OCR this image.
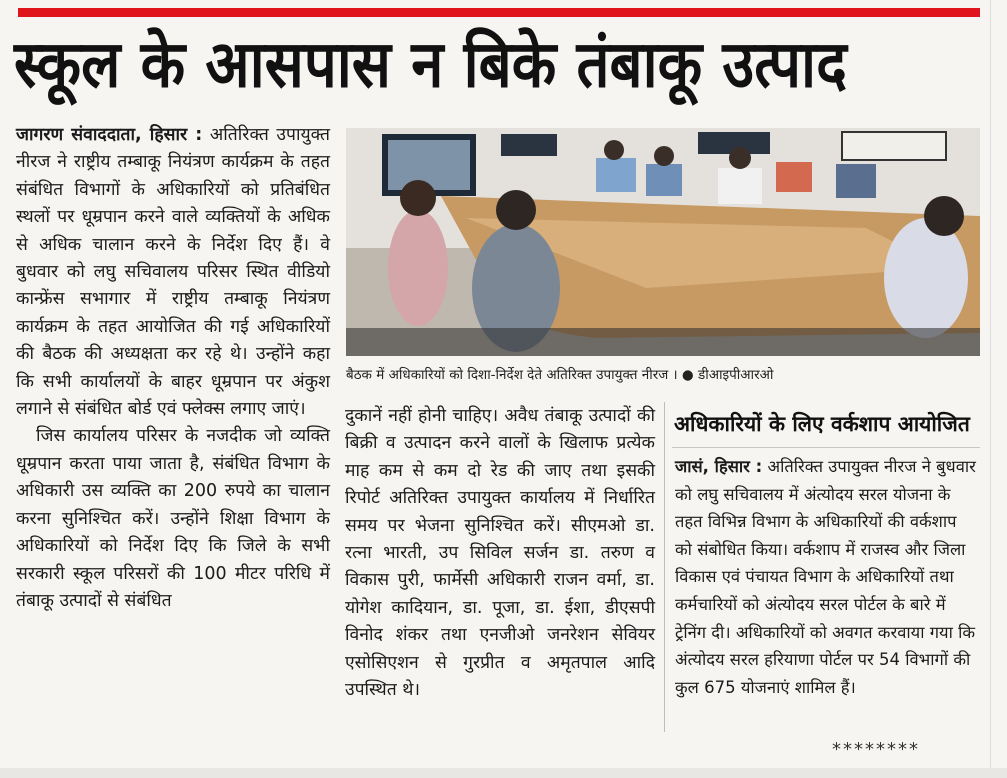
स्कूल के आसपास न बिके तंबाकू उत्पाद

जागरण संवाददाता, हिसार : अतिरिक्त उपायुक्त नीरज ने राष्ट्रीय तम्बाकू नियंत्रण कार्यक्रम के तहत संबंधित विभागों के अधिकारियों को प्रतिबंधित स्थलों पर धूम्रपान करने वाले व्यक्तियों के अधिक से अधिक चालान करने के निर्देश दिए हैं। वे बुधवार को लघु सचिवालय परिसर स्थित वीडियो कान्फ्रेंस सभागार में राष्ट्रीय तम्बाकू नियंत्रण कार्यक्रम के तहत आयोजित की गई अधिकारियों की बैठक की अध्यक्षता कर रहे थे। उन्होंने कहा कि सभी कार्यालयों के बाहर धूम्रपान पर अंकुश लगाने से संबंधित बोर्ड एवं फ्लेक्स लगाए जाएं।

जिस कार्यालय परिसर के नजदीक जो व्यक्ति धूम्रपान करता पाया जाता है, संबंधित विभाग के अधिकारी उस व्यक्ति का 200 रुपये का चालान करना सुनिश्चित करें। उन्होंने शिक्षा विभाग के अधिकारियों को निर्देश दिए कि जिले के सभी सरकारी स्कूल परिसरों की 100 मीटर परिधि में तंबाकू उत्पादों से संबंधित

बैठक में अधिकारियों को दिशा-निर्देश देते अतिरिक्त उपायुक्त नीरज । ● डीआइपीआरओ

दुकानें नहीं होनी चाहिए। अवैध तंबाकू उत्पादों की बिक्री व उत्पादन करने वालों के खिलाफ प्रत्येक माह कम से कम दो रेड की जाए तथा इसकी रिपोर्ट अतिरिक्त उपायुक्त कार्यालय में निर्धारित समय पर भेजना सुनिश्चित करें। सीएमओ डा. रत्ना भारती, उप सिविल सर्जन डा. तरुण व विकास पुरी, फार्मेसी अधिकारी राजन वर्मा, डा. योगेश कादियान, डा. पूजा, डा. ईशा, डीएसपी विनोद शंकर तथा एनजीओ जनरेशन सेवियर एसोसिएशन से गुरप्रीत व अमृतपाल आदि उपस्थित थे।

अधिकारियों के लिए वर्कशाप आयोजित

जासं, हिसार : अतिरिक्त उपायुक्त नीरज ने बुधवार को लघु सचिवालय में अंत्योदय सरल योजना के तहत विभिन्न विभाग के अधिकारियों की वर्कशाप को संबोधित किया। वर्कशाप में राजस्व और जिला विकास एवं पंचायत विभाग के अधिकारियों तथा कर्मचारियों को अंत्योदय सरल पोर्टल के बारे में ट्रेनिंग दी। अधिकारियों को अवगत करवाया गया कि अंत्योदय सरल हरियाणा पोर्टल पर 54 विभागों की कुल 675 योजनाएं शामिल हैं।

********
